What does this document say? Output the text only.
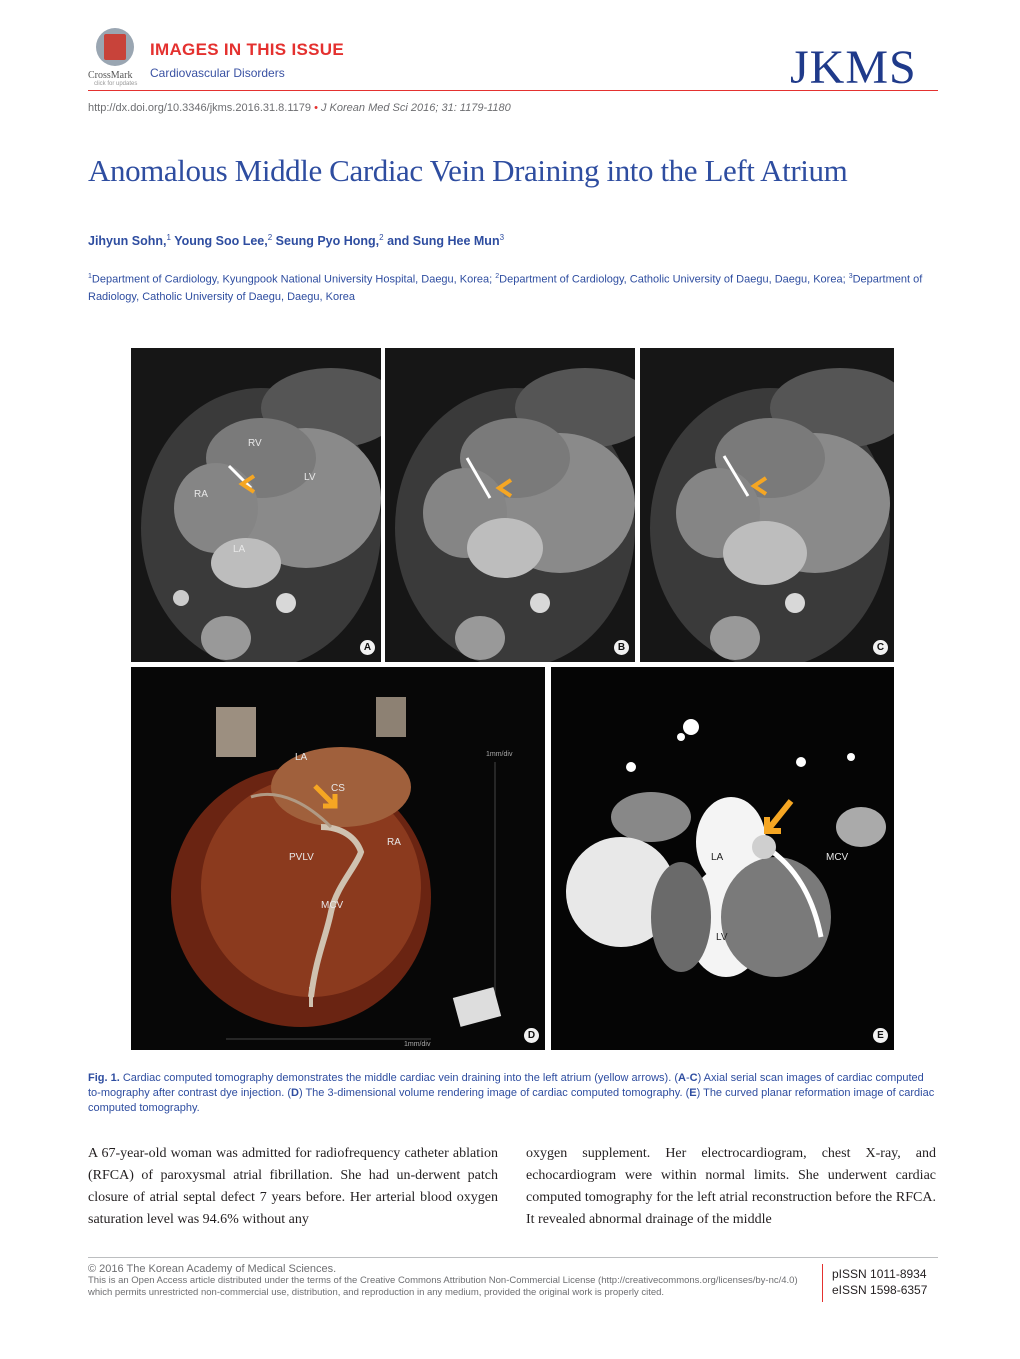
CrossMark
click for updates
IMAGES IN THIS ISSUE
Cardiovascular Disorders	JKMS
http://dx.doi.org/10.3346/jkms.2016.31.8.1179 • J Korean Med Sci 2016; 31: 1179-1180
Anomalous Middle Cardiac Vein Draining into the Left Atrium
Jihyun Sohn,$^1$ Young Soo Lee,$^2$ Seung Pyo Hong,$^2$ and Sung Hee Mun$^3$
$^1$Department of Cardiology, Kyungpook National University Hospital, Daegu, Korea; $^2$Department of Cardiology, Catholic University of Daegu, Daegu, Korea; $^3$Department of Radiology, Catholic University of Daegu, Daegu, Korea
RV
LV
RA
LA
A	B	C
LA
CS
RA
PVLV
MCV
1mm/div
1mm/div
D
LA	MCV
LV
E
Fig. 1. Cardiac computed tomography demonstrates the middle cardiac vein draining into the left atrium (yellow arrows). (A-C) Axial serial scan images of cardiac computed to-mography after contrast dye injection. (D) The 3-dimensional volume rendering image of cardiac computed tomography. (E) The curved planar reformation image of cardiac computed tomography.
A 67-year-old woman was admitted for radiofrequency catheter ablation (RFCA) of paroxysmal atrial fibrillation. She had un-derwent patch closure of atrial septal defect 7 years before. Her arterial blood oxygen saturation level was 94.6% without any
oxygen supplement. Her electrocardiogram, chest X-ray, and echocardiogram were within normal limits. She underwent cardiac computed tomography for the left atrial reconstruction before the RFCA. It revealed abnormal drainage of the middle
© 2016 The Korean Academy of Medical Sciences.
This is an Open Access article distributed under the terms of the Creative Commons Attribution Non-Commercial License (http://creativecommons.org/licenses/by-nc/4.0)
which permits unrestricted non-commercial use, distribution, and reproduction in any medium, provided the original work is properly cited.
pISSN 1011-8934
eISSN 1598-6357
